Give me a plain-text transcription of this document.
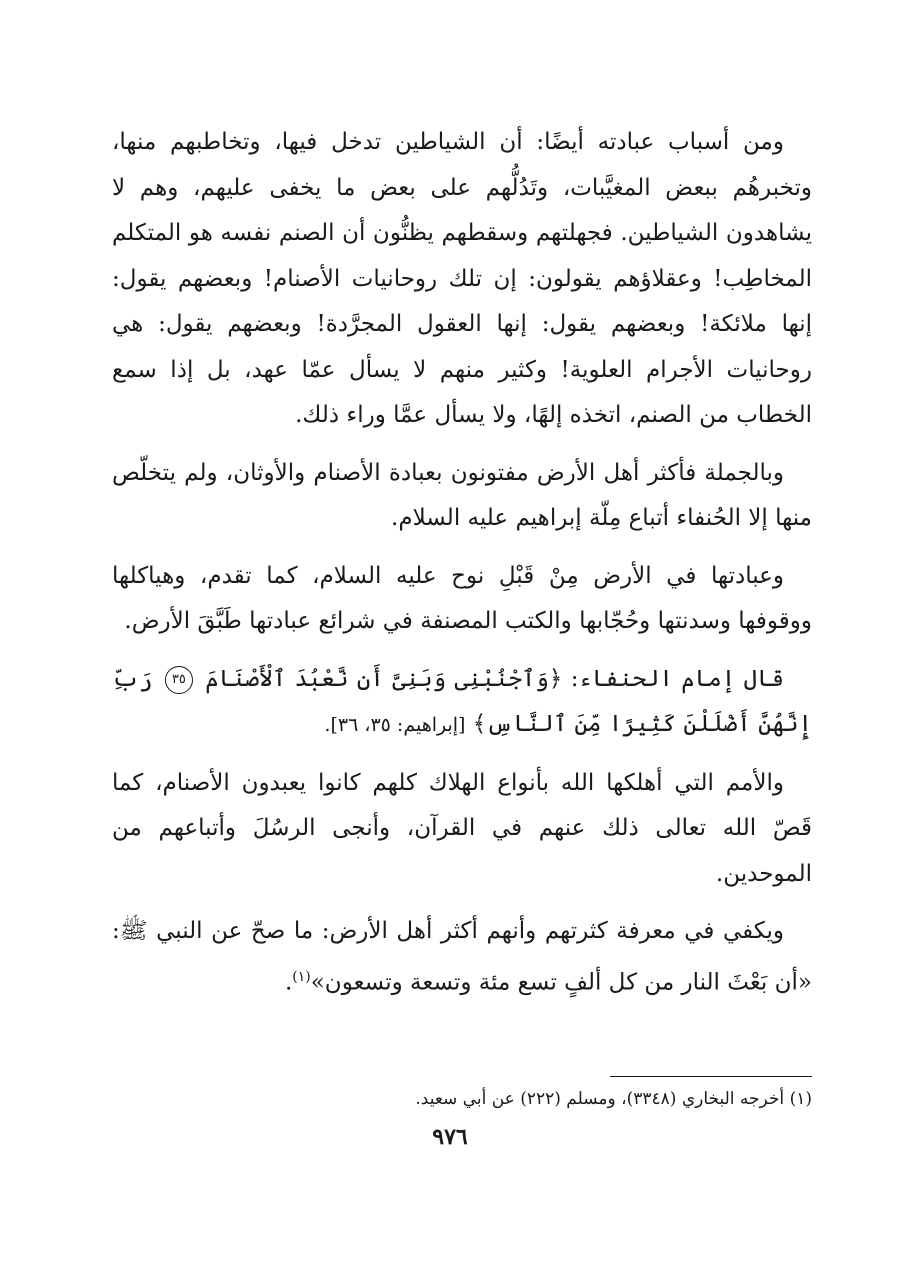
ومن أسباب عبادته أيضًا: أن الشياطين تدخل فيها، وتخاطبهم منها، وتخبرهُم ببعض المغيَّبات، وتَدُلُّهم على بعض ما يخفى عليهم، وهم لا يشاهدون الشياطين. فجهلتهم وسقطهم يظنُّون أن الصنم نفسه هو المتكلم المخاطِب! وعقلاؤهم يقولون: إن تلك روحانيات الأصنام! وبعضهم يقول: إنها ملائكة! وبعضهم يقول: إنها العقول المجرَّدة! وبعضهم يقول: هي روحانيات الأجرام العلوية! وكثير منهم لا يسأل عمّا عهد، بل إذا سمع الخطاب من الصنم، اتخذه إلهًا، ولا يسأل عمَّا وراء ذلك.

وبالجملة فأكثر أهل الأرض مفتونون بعبادة الأصنام والأوثان، ولم يتخلّص منها إلا الحُنفاء أتباع مِلّة إبراهيم عليه السلام.

وعبادتها في الأرض مِنْ قَبْلِ نوح عليه السلام، كما تقدم، وهياكلها ووقوفها وسدنتها وحُجّابها والكتب المصنفة في شرائع عبادتها طَبَّقَ الأرض.

قال إمام الحنفاء: ﴿وَٱجْنُبْنِى وَبَنِىَّ أَن نَّعْبُدَ ٱلْأَصْنَامَ ٣٥ رَبِّ إِنَّهُنَّ أَضْلَلْنَ كَثِيرًا مِّنَ ٱلنَّاسِ﴾ [إبراهيم: ٣٥، ٣٦].

والأمم التي أهلكها الله بأنواع الهلاك كلهم كانوا يعبدون الأصنام، كما قَصّ الله تعالى ذلك عنهم في القرآن، وأنجى الرسُلَ وأتباعهم من الموحدين.

ويكفي في معرفة كثرتهم وأنهم أكثر أهل الأرض: ما صحّ عن النبي ﷺ: «أن بَعْثَ النار من كل ألفٍ تسع مئة وتسعة وتسعون»$^{(١)}$.

(١) أخرجه البخاري (٣٣٤٨)، ومسلم (٢٢٢) عن أبي سعيد.
٩٧٦
